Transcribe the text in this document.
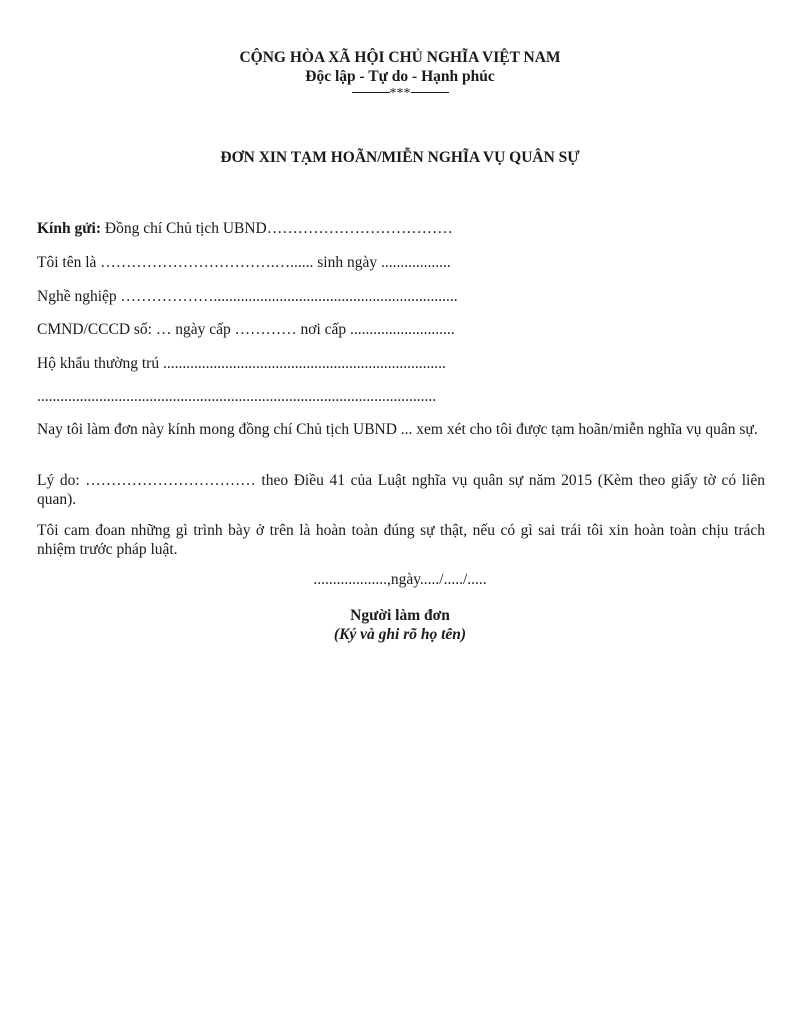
CỘNG HÒA XÃ HỘI CHỦ NGHĨA VIỆT NAM
Độc lập - Tự do - Hạnh phúc
***
ĐƠN XIN TẠM HOÃN/MIỄN NGHĨA VỤ QUÂN SỰ
Kính gửi: Đồng chí Chủ tịch UBND………………………………
Tôi tên là …………………………….…...... sinh ngày ..................
Nghề nghiệp ………………...............................................................
CMND/CCCD số: … ngày cấp ………… nơi cấp ...........................
Hộ khẩu thường trú .........................................................................
.......................................................................................................
Nay tôi làm đơn này kính mong đồng chí Chủ tịch UBND ... xem xét cho tôi được tạm hoãn/miễn nghĩa vụ quân sự.
Lý do: …………………………… theo Điều 41 của Luật nghĩa vụ quân sự năm 2015 (Kèm theo giấy tờ có liên quan).
Tôi cam đoan những gì trình bày ở trên là hoàn toàn đúng sự thật, nếu có gì sai trái tôi xin hoàn toàn chịu trách nhiệm trước pháp luật.
...................,ngày...../...../.....
Người làm đơn
(Ký và ghi rõ họ tên)
